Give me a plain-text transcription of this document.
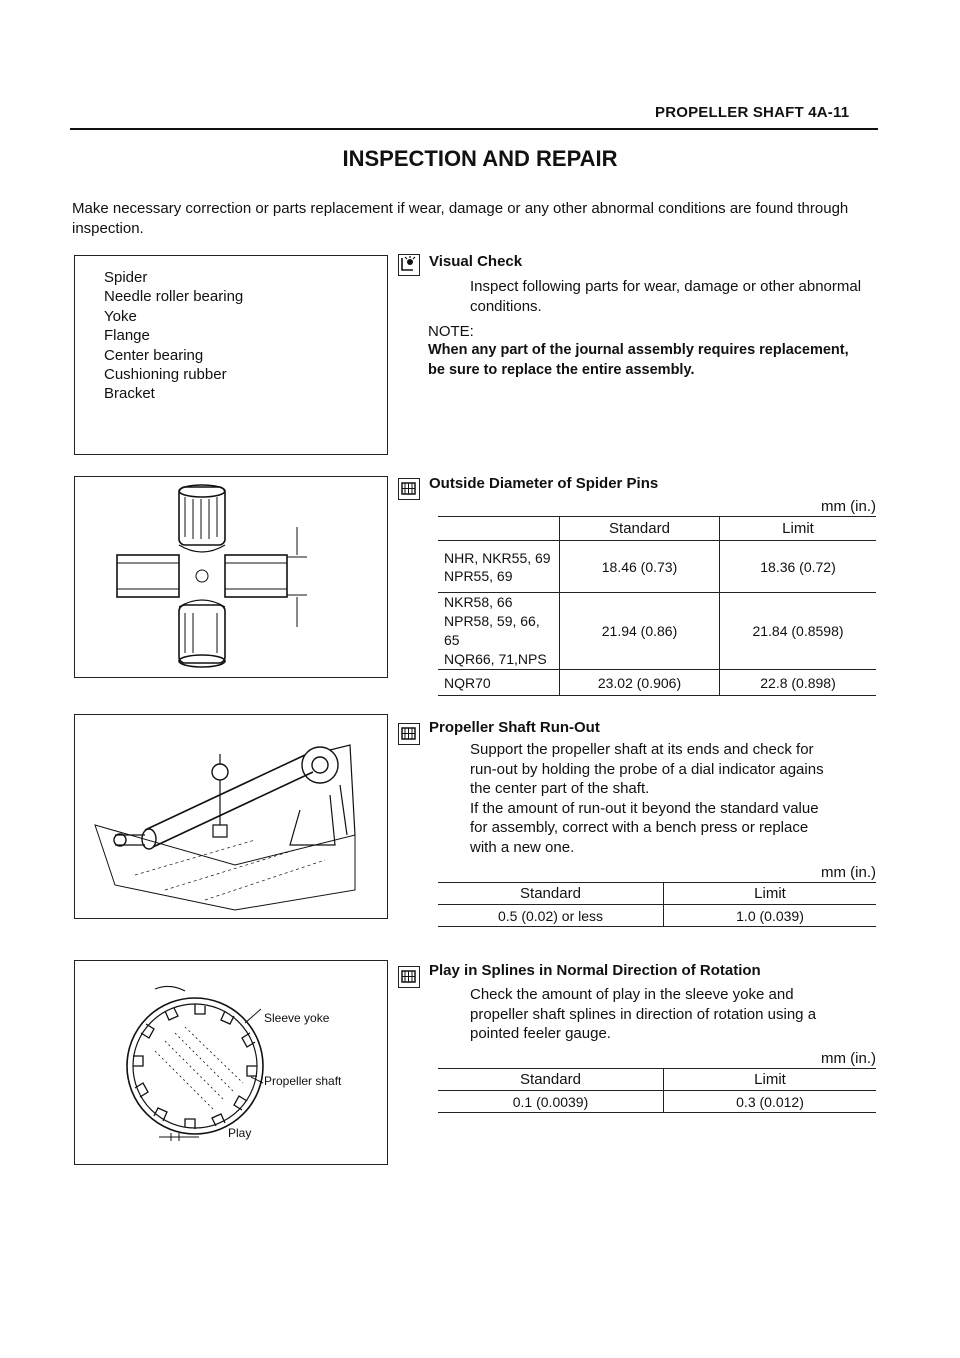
PROPELLER SHAFT 4A-11
INSPECTION AND REPAIR
Make necessary correction or parts replacement if wear, damage or any other abnormal conditions are found through inspection.
Spider
Needle roller bearing
Yoke
Flange
Center bearing
Cushioning rubber
Bracket
Visual Check
Inspect following parts for wear, damage or other abnormal conditions.
NOTE:
When any part of the journal assembly requires replacement, be sure to replace the entire assembly.
Outside Diameter of Spider Pins
mm (in.)
	Standard	Limit

NHR, NKR55, 69
NPR55, 69	18.46 (0.73)	18.36 (0.72)

NKR58, 66
NPR58, 59, 66, 65
NQR66, 71,NPS	21.94 (0.86)	21.84 (0.8598)
NQR70	23.02 (0.906)	22.8 (0.898)
Propeller Shaft Run-Out
Support the propeller shaft at its ends and check for
run-out by holding the probe of a dial indicator agains
the center part of the shaft.
If the amount of run-out it beyond the standard value
for assembly, correct with a bench press or replace
with a new one.
mm (in.)
Standard	Limit
0.5 (0.02) or less	1.0 (0.039)
Sleeve yoke
Propeller shaft
Play
Play in Splines in Normal Direction of Rotation
Check the amount of play in the sleeve yoke and
propeller shaft splines in direction of rotation using a
pointed feeler gauge.
mm (in.)
Standard	Limit
0.1 (0.0039)	0.3 (0.012)
